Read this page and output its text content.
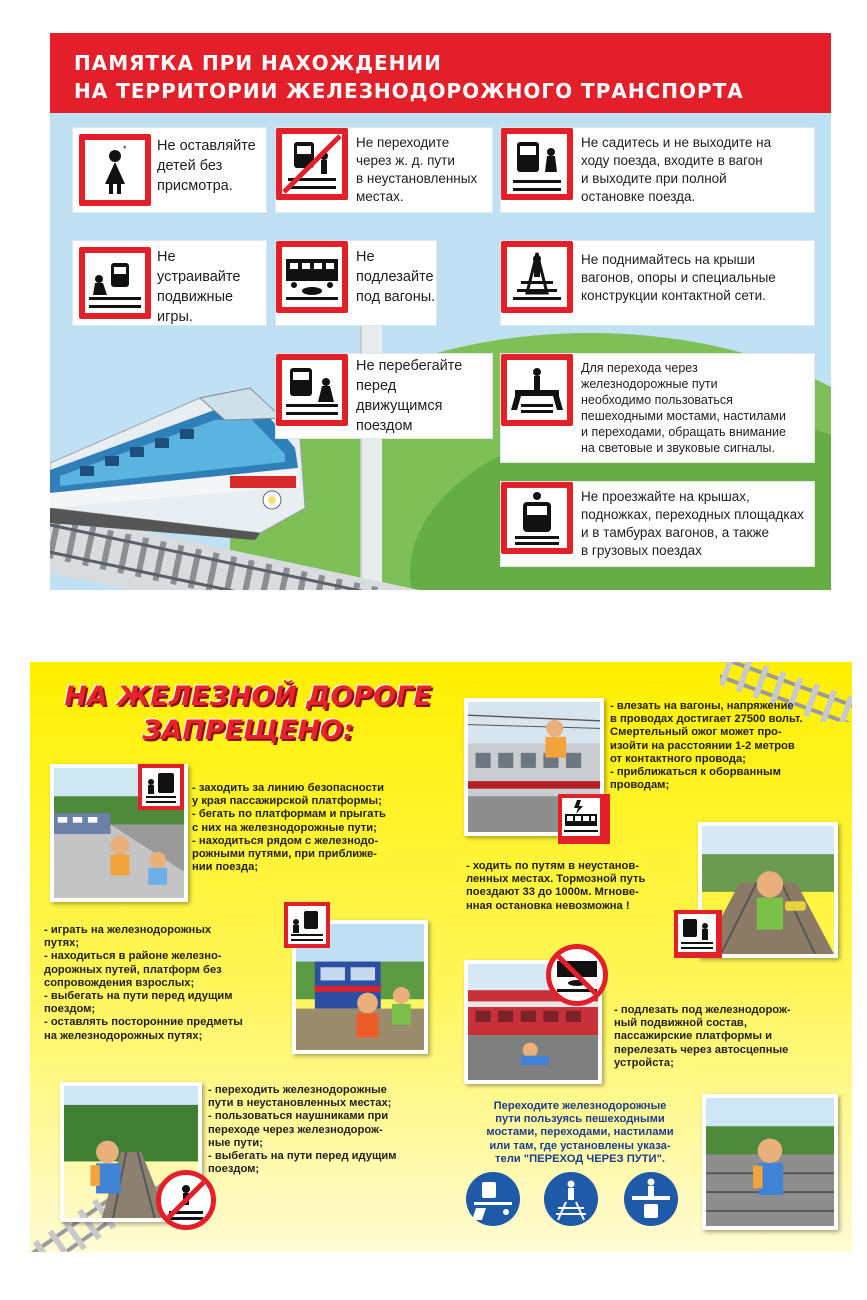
ПАМЯТКА ПРИ НАХОЖДЕНИИ
НА ТЕРРИТОРИИ ЖЕЛЕЗНОДОРОЖНОГО ТРАНСПОРТА
* Не оставляйте
детей без
присмотра.
Не переходите
через ж. д. пути
в неустановленных
местах.
Не садитесь и не выходите на
ходу поезда, входите в вагон
и выходите при полной
остановке поезда.
Не
устраивайте
подвижные
игры.
Не
подлезайте
под вагоны.
Не поднимайтесь на крыши
вагонов, опоры и специальные
конструкции контактной сети.
Не перебегайте
перед
движущимся
поездом
Для перехода через
железнодорожные пути
необходимо пользоваться
пешеходными мостами, настилами
и переходами, обращать внимание
на световые и звуковые сигналы.
Не проезжайте на крышах,
подножках, переходных площадках
и в тамбурах вагонов, а также
в грузовых поездах
НА ЖЕЛЕЗНОЙ ДОРОГЕ
ЗАПРЕЩЕНО:
- заходить за линию безопасности
у края пассажирской платформы;
- бегать по платформам и прыгать
с них на железнодорожные пути;
- находиться рядом с железнодо-
рожными путями, при приближе-
нии поезда;
- играть на железнодорожных
путях;
- находиться в районе железно-
дорожных путей, платформ без
сопровождения взрослых;
- выбегать на пути перед идущим
поездом;
- оставлять посторонние предметы
на железнодорожных путях;
- переходить железнодорожные
пути в неустановленных местах;
- пользоваться наушниками при
переходе через железнодорож-
ные пути;
- выбегать на пути перед идущим
поездом;
- влезать на вагоны, напряжение
в проводах достигает 27500 вольт.
Смертельный ожог может про-
изойти на расстоянии 1-2 метров
от контактного провода;
- приближаться к оборванным
проводам;
- ходить по путям в неустанов-
ленных местах. Тормозной путь
поездают 33 до 1000м. Мгнове-
нная остановка невозможна !
- подлезать под железнодорож-
ный подвижной состав,
пассажирские платформы и
перелезать через автосцепные
устройста;
Переходите железнодорожные
пути пользуясь пешеходными
мостами, переходами, настилами
или там, где установлены указа-
тели "ПЕРЕХОД ЧЕРЕЗ ПУТИ".
